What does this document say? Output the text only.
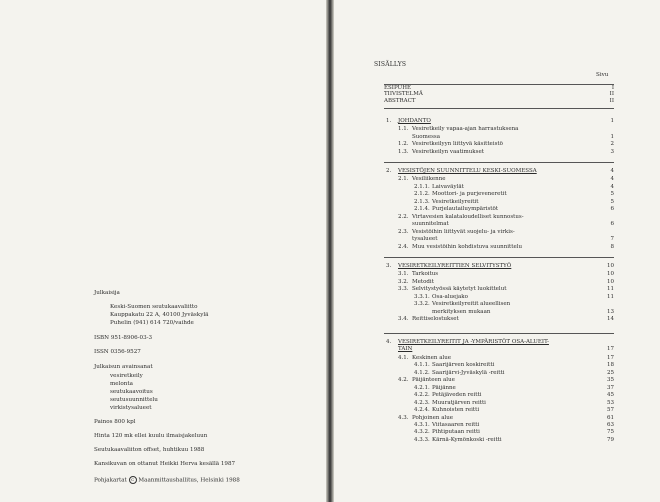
Julkaisija
Keski-Suomen seutukaavaliitto
Kauppakatu 22 A, 40100 Jyväskylä
Puhelin (941) 614 720/vaihde
ISBN 951-8906-03-3
ISSN 0356-9527
Julkaisun avainsanat
vesiretkeily
melonta
seutukaavoitus
seutusuunnittelu
virkistysalueet
Painos 800 kpl
Hinta 120 mk ellei kuulu ilmaisjakeluun
Seutukaavaliiton offset, huhtikuu 1988
Kansikuvan on ottanut Heikki Herva kesällä 1987
Pohjakartat C Maanmittaushallitus, Helsinki 1988
SISÄLLYS
Sivu
ESIPUHE	I
TIIVISTELMÄ	II
ABSTRACT	II
1. JOHDANTO	1
1.1. Vesiretkeily vapaa-ajan harrastuksena
Suomessa	1
1.2. Vesiretkeilyyn liittyvä käsitteistö	2
1.3. Vesiretkeilyn vaatimukset	3
2. VESISTÖJEN SUUNNITTELU KESKI-SUOMESSA	4
2.1. Vesiliikenne	4
2.1.1. Laivaväylät	4
2.1.2. Moottori- ja purjeveneretit	5
2.1.3. Vesiretkeilyreitit	5
2.1.4. Purjelautailuympäristöt	6
2.2. Virtavesien kalataloudelliset kunnostus-
suunnitelmat	6
2.3. Vesistöihin liittyvät suojelu- ja virkis-
tysalueet	7
2.4. Muu vesistöihin kohdistuva suunnittelu	8
3. VESIRETKEILYREITTIEN SELVITYSTYÖ	10
3.1. Tarkoitus	10
3.2. Metodit	10
3.3. Selvitystyössä käytetyt luokittelut	11
3.3.1. Osa-aluejako	11
3.3.2. Vesiretkeilyreitit alueellisen
merkityksen mukaan	13
3.4. Reittiselostukset	14
4. VESIRETKEILYREITIT JA -YMPÄRISTÖT OSA-ALUEIT-
TAIN	17
4.1. Keskinen alue	17
4.1.1. Saarijärven koskireitti	18
4.1.2. Saarijärvi-Jyväskylä -reitti	25
4.2. Päijänteen alue	35
4.2.1. Päijänne	37
4.2.2. Petäjäveden reitti	45
4.2.3. Muuratjärven reitti	53
4.2.4. Kuhnoisten reitti	57
4.3. Pohjoinen alue	61
4.3.1. Viitasaaren reitti	63
4.3.2. Pihtiputaan reitti	75
4.3.3. Kärnä-Kymönkoski -reitti	79
